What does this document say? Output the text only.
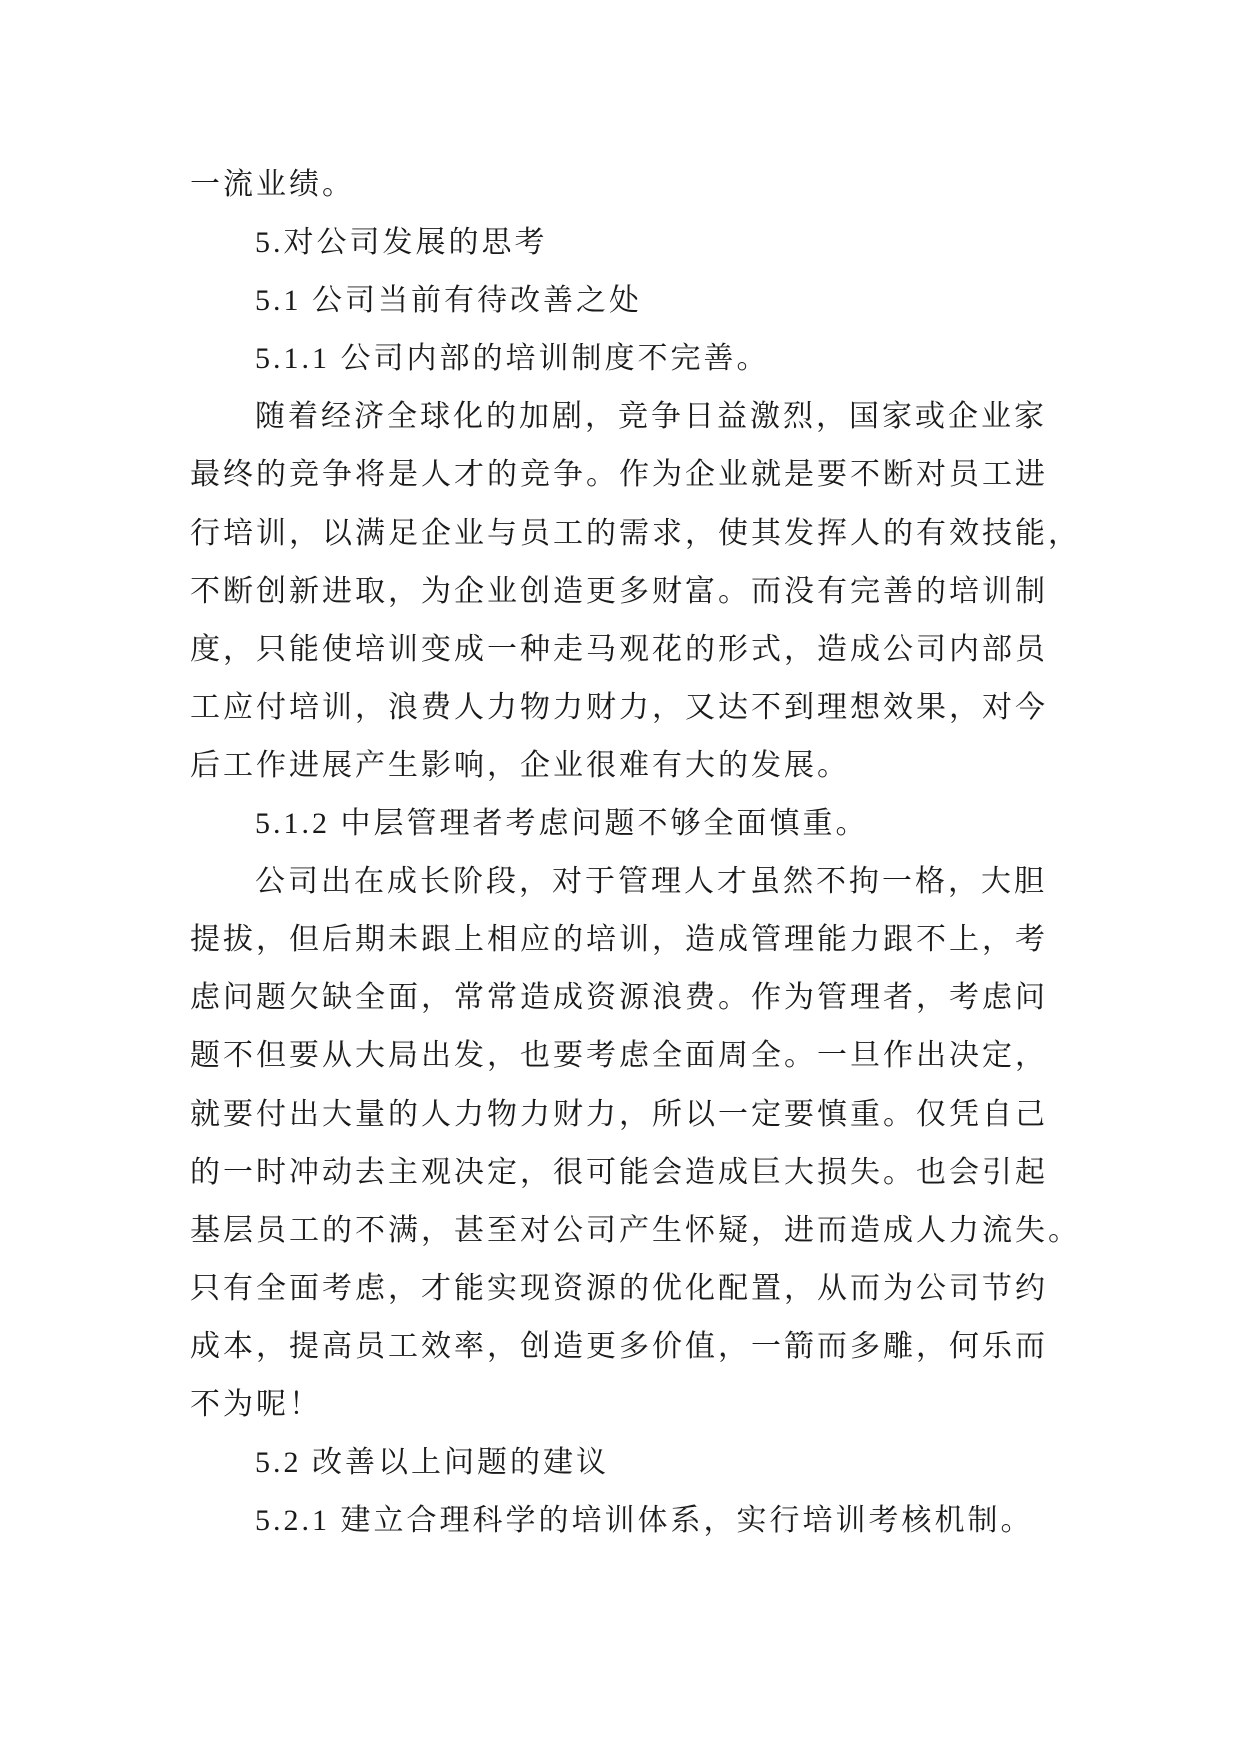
一流业绩。
5.对公司发展的思考
5.1 公司当前有待改善之处
5.1.1 公司内部的培训制度不完善。
随着经济全球化的加剧，竞争日益激烈，国家或企业家
最终的竞争将是人才的竞争。作为企业就是要不断对员工进
行培训，以满足企业与员工的需求，使其发挥人的有效技能，
不断创新进取，为企业创造更多财富。而没有完善的培训制
度，只能使培训变成一种走马观花的形式，造成公司内部员
工应付培训，浪费人力物力财力，又达不到理想效果，对今
后工作进展产生影响，企业很难有大的发展。
5.1.2 中层管理者考虑问题不够全面慎重。
公司出在成长阶段，对于管理人才虽然不拘一格，大胆
提拔，但后期未跟上相应的培训，造成管理能力跟不上，考
虑问题欠缺全面，常常造成资源浪费。作为管理者，考虑问
题不但要从大局出发，也要考虑全面周全。一旦作出决定，
就要付出大量的人力物力财力，所以一定要慎重。仅凭自己
的一时冲动去主观决定，很可能会造成巨大损失。也会引起
基层员工的不满，甚至对公司产生怀疑，进而造成人力流失。
只有全面考虑，才能实现资源的优化配置，从而为公司节约
成本，提高员工效率，创造更多价值，一箭而多雕，何乐而
不为呢！
5.2 改善以上问题的建议
5.2.1 建立合理科学的培训体系，实行培训考核机制。
